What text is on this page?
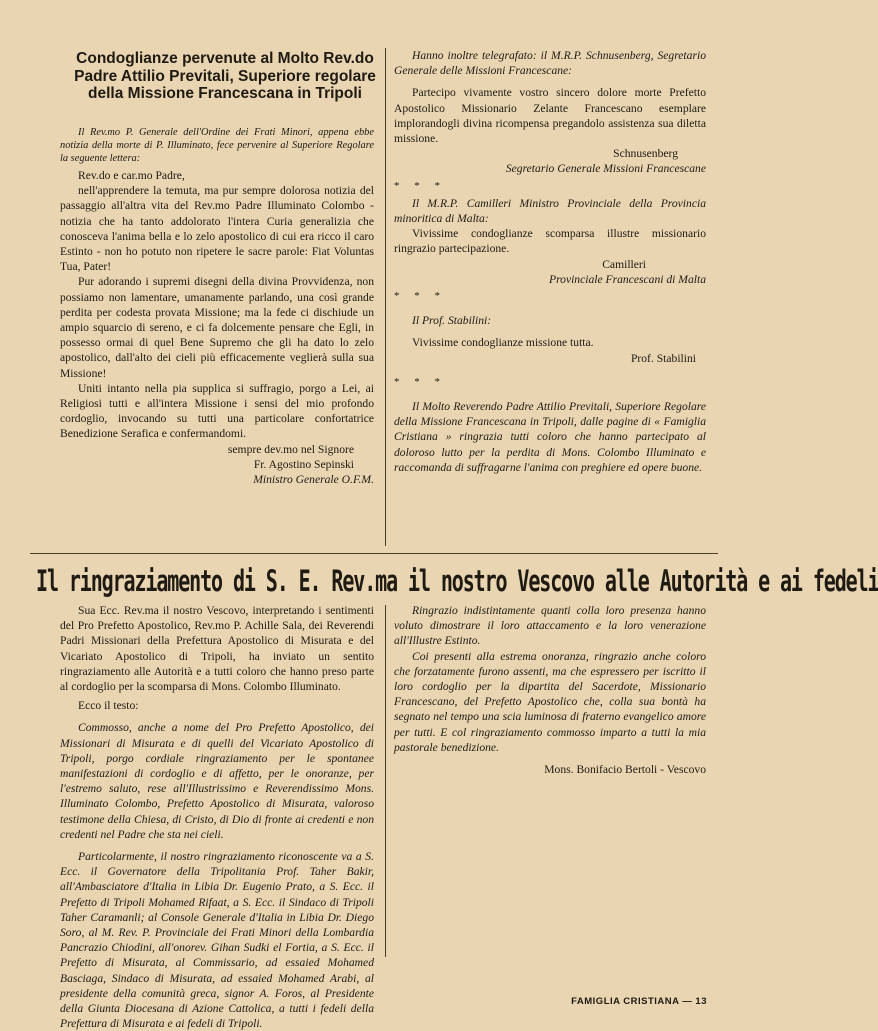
Condoglianze pervenute al Molto Rev.do Padre Attilio Previtali, Superiore regolare della Missione Francescana in Tripoli

Il Rev.mo P. Generale dell'Ordine dei Frati Minori, appena ebbe notizia della morte di P. Illuminato, fece pervenire al Superiore Regolare la seguente lettera:

Rev.do e car.mo Padre,

nell'apprendere la temuta, ma pur sempre dolorosa notizia del passaggio all'altra vita del Rev.mo Padre Illuminato Colombo - notizia che ha tanto addolorato l'intera Curia generalizia che conosceva l'anima bella e lo zelo apostolico di cui era ricco il caro Estinto - non ho potuto non ripetere le sacre parole: Fiat Voluntas Tua, Pater!

Pur adorando i supremi disegni della divina Provvidenza, non possiamo non lamentare, umanamente parlando, una così grande perdita per codesta provata Missione; ma la fede ci dischiude un ampio squarcio di sereno, e ci fa dolcemente pensare che Egli, in possesso ormai di quel Bene Supremo che gli ha dato lo zelo apostolico, dall'alto dei cieli più efficacemente veglierà sulla sua Missione!

Uniti intanto nella pia supplica si suffragio, porgo a Lei, ai Religiosi tutti e all'intera Missione i sensi del mio profondo cordoglio, invocando su tutti una particolare confortatrice Benedizione Serafica e confermandomi.

sempre dev.mo nel Signore

Fr. Agostino Sepinski

Ministro Generale O.F.M.

Hanno inoltre telegrafato: il M.R.P. Schnusenberg, Segretario Generale delle Missioni Francescane:

Partecipo vivamente vostro sincero dolore morte Prefetto Apostolico Missionario Zelante Francescano esemplare implorandogli divina ricompensa pregandolo assistenza sua diletta missione.

Schnusenberg

Segretario Generale Missioni Francescane

* * *

Il M.R.P. Camilleri Ministro Provinciale della Provincia minoritica di Malta:

Vivissime condoglianze scomparsa illustre missionario ringrazio partecipazione.

Camilleri

Provinciale Francescani di Malta

* * *

Il Prof. Stabilini:

Vivissime condoglianze missione tutta.

Prof. Stabilini

* * *

Il Molto Reverendo Padre Attilio Previtali, Superiore Regolare della Missione Francescana in Tripoli, dalle pagine di « Famiglia Cristiana » ringrazia tutti coloro che hanno partecipato al doloroso lutto per la perdita di Mons. Colombo Illuminato e raccomanda di suffragarne l'anima con preghiere ed opere buone.

Il ringraziamento di S. E. Rev.ma il nostro Vescovo alle Autorità e ai fedeli

Sua Ecc. Rev.ma il nostro Vescovo, interpretando i sentimenti del Pro Prefetto Apostolico, Rev.mo P. Achille Sala, dei Reverendi Padri Missionari della Prefettura Apostolico di Misurata e del Vicariato Apostolico di Tripoli, ha inviato un sentito ringraziamento alle Autorità e a tutti coloro che hanno preso parte al cordoglio per la scomparsa di Mons. Colombo Illuminato.

Ecco il testo:

Commosso, anche a nome del Pro Prefetto Apostolico, dei Missionari di Misurata e di quelli del Vicariato Apostolico di Tripoli, porgo cordiale ringraziamento per le spontanee manifestazioni di cordoglio e di affetto, per le onoranze, per l'estremo saluto, rese all'Illustrissimo e Reverendissimo Mons. Illuminato Colombo, Prefetto Apostolico di Misurata, valoroso testimone della Chiesa, di Cristo, di Dio di fronte ai credenti e non credenti nel Padre che sta nei cieli.

Particolarmente, il nostro ringraziamento riconoscente va a S. Ecc. il Governatore della Tripolitania Prof. Taher Bakir, all'Ambasciatore d'Italia in Libia Dr. Eugenio Prato, a S. Ecc. il Prefetto di Tripoli Mohamed Rifaat, a S. Ecc. il Sindaco di Tripoli Taher Caramanli; al Console Generale d'Italia in Libia Dr. Diego Soro, al M. Rev. P. Provinciale dei Frati Minori della Lombardia Pancrazio Chiodini, all'onorev. Gihan Sudki el Fortia, a S. Ecc. il Prefetto di Misurata, al Commissario, ad essaied Mohamed Basciaga, Sindaco di Misurata, ad essaied Mohamed Arabi, al presidente della comunità greca, signor A. Foros, al Presidente della Giunta Diocesana di Azione Cattolica, a tutti i fedeli della Prefettura di Misurata e ai fedeli di Tripoli.

Ringrazio indistintamente quanti colla loro presenza hanno voluto dimostrare il loro attaccamento e la loro venerazione all'Illustre Estinto.

Coi presenti alla estrema onoranza, ringrazio anche coloro che forzatamente furono assenti, ma che espressero per iscritto il loro cordoglio per la dipartita del Sacerdote, Missionario Francescano, del Prefetto Apostolico che, colla sua bontà ha segnato nel tempo una scia luminosa di fraterno evangelico amore per tutti. E col ringraziamento commosso imparto a tutti la mia pastorale benedizione.

Mons. Bonifacio Bertoli - Vescovo

FAMIGLIA CRISTIANA — 13
